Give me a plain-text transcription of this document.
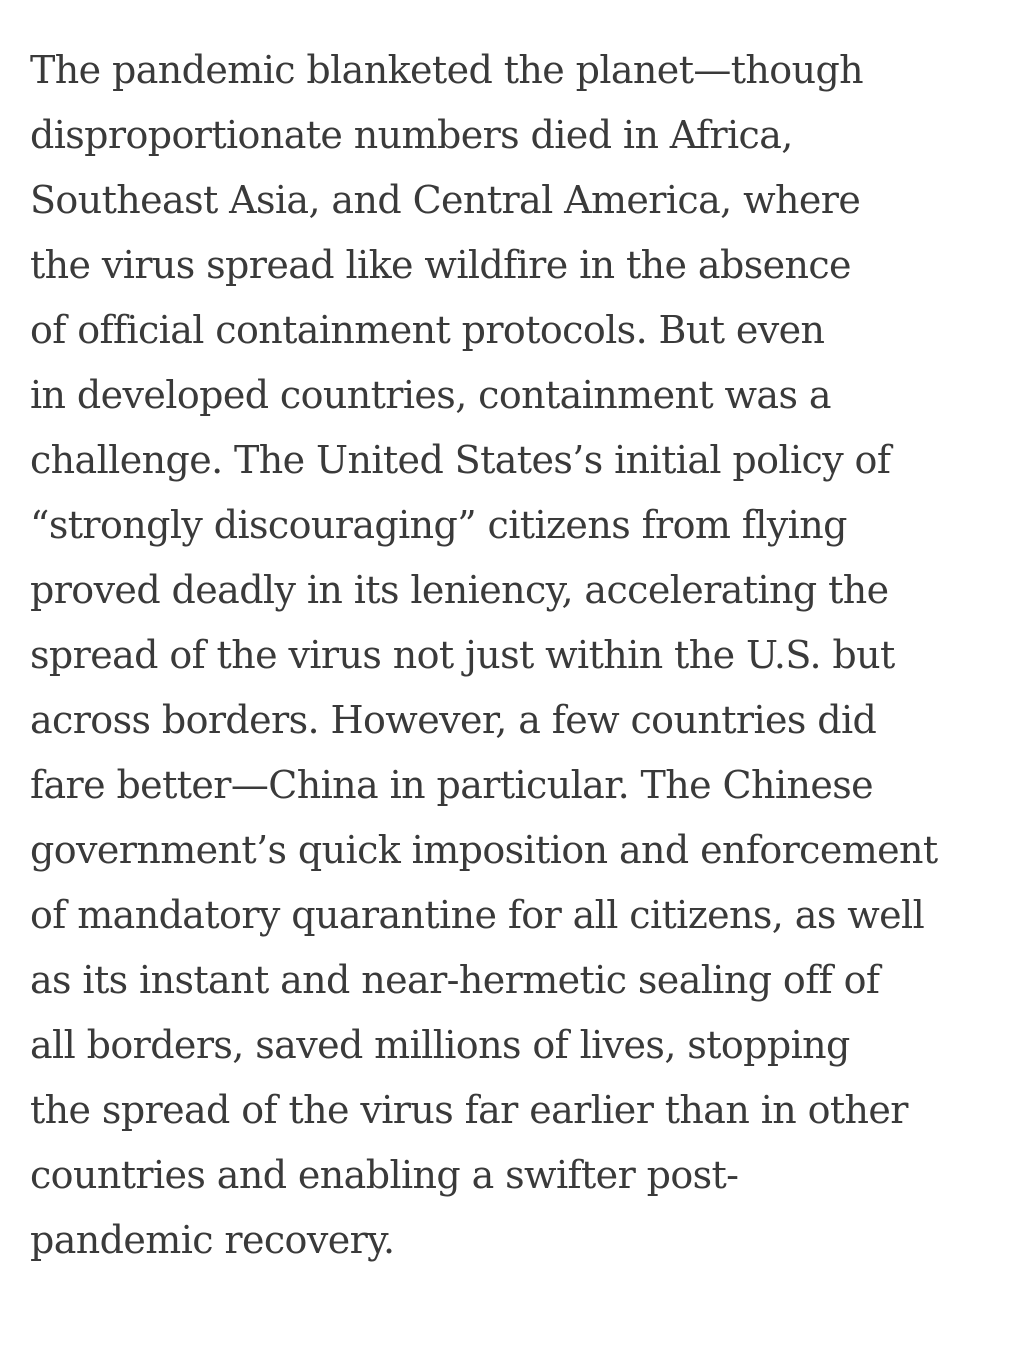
The pandemic blanketed the planet—though
disproportionate numbers died in Africa,
Southeast Asia, and Central America, where
the virus spread like wildfire in the absence
of official containment protocols. But even
in developed countries, containment was a
challenge. The United States’s initial policy of
“strongly discouraging” citizens from flying
proved deadly in its leniency, accelerating the
spread of the virus not just within the U.S. but
across borders. However, a few countries did
fare better—China in particular. The Chinese
government’s quick imposition and enforcement
of mandatory quarantine for all citizens, as well
as its instant and near-hermetic sealing off of
all borders, saved millions of lives, stopping
the spread of the virus far earlier than in other
countries and enabling a swifter post-
pandemic recovery.
